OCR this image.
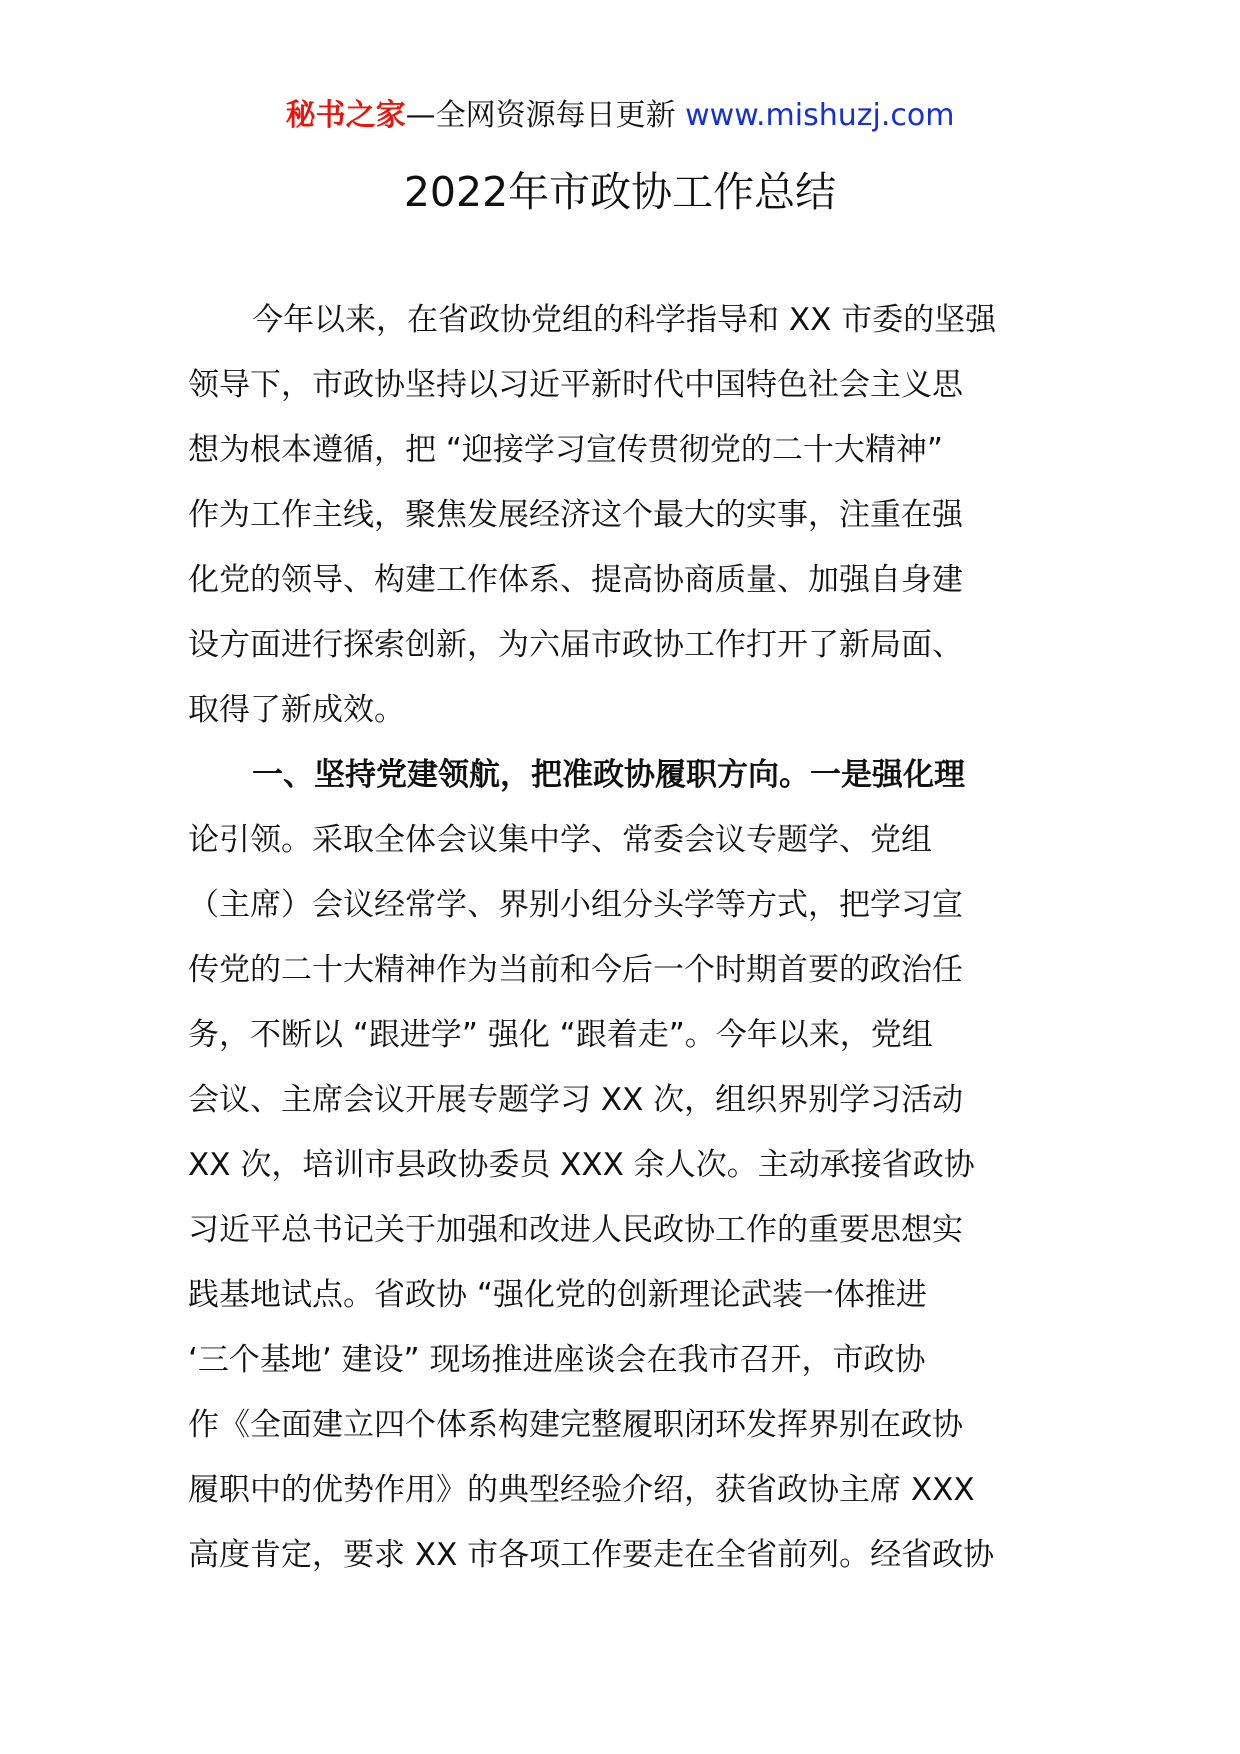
秘书之家—全网资源每日更新 www.mishuzj.com
2022年市政协工作总结
今年以来，在省政协党组的科学指导和 XX 市委的坚强
领导下，市政协坚持以习近平新时代中国特色社会主义思
想为根本遵循，把 “迎接学习宣传贯彻党的二十大精神”
作为工作主线，聚焦发展经济这个最大的实事，注重在强
化党的领导、构建工作体系、提高协商质量、加强自身建
设方面进行探索创新，为六届市政协工作打开了新局面、
取得了新成效。
一、坚持党建领航，把准政协履职方向。一是强化理
论引领。采取全体会议集中学、常委会议专题学、党组
（主席）会议经常学、界别小组分头学等方式，把学习宣
传党的二十大精神作为当前和今后一个时期首要的政治任
务，不断以 “跟进学” 强化 “跟着走”。今年以来，党组
会议、主席会议开展专题学习 XX 次，组织界别学习活动
XX 次，培训市县政协委员 XXX 余人次。主动承接省政协
习近平总书记关于加强和改进人民政协工作的重要思想实
践基地试点。省政协 “强化党的创新理论武装一体推进
‘三个基地’ 建设” 现场推进座谈会在我市召开，市政协
作《全面建立四个体系构建完整履职闭环发挥界别在政协
履职中的优势作用》的典型经验介绍，获省政协主席 XXX
高度肯定，要求 XX 市各项工作要走在全省前列。经省政协
